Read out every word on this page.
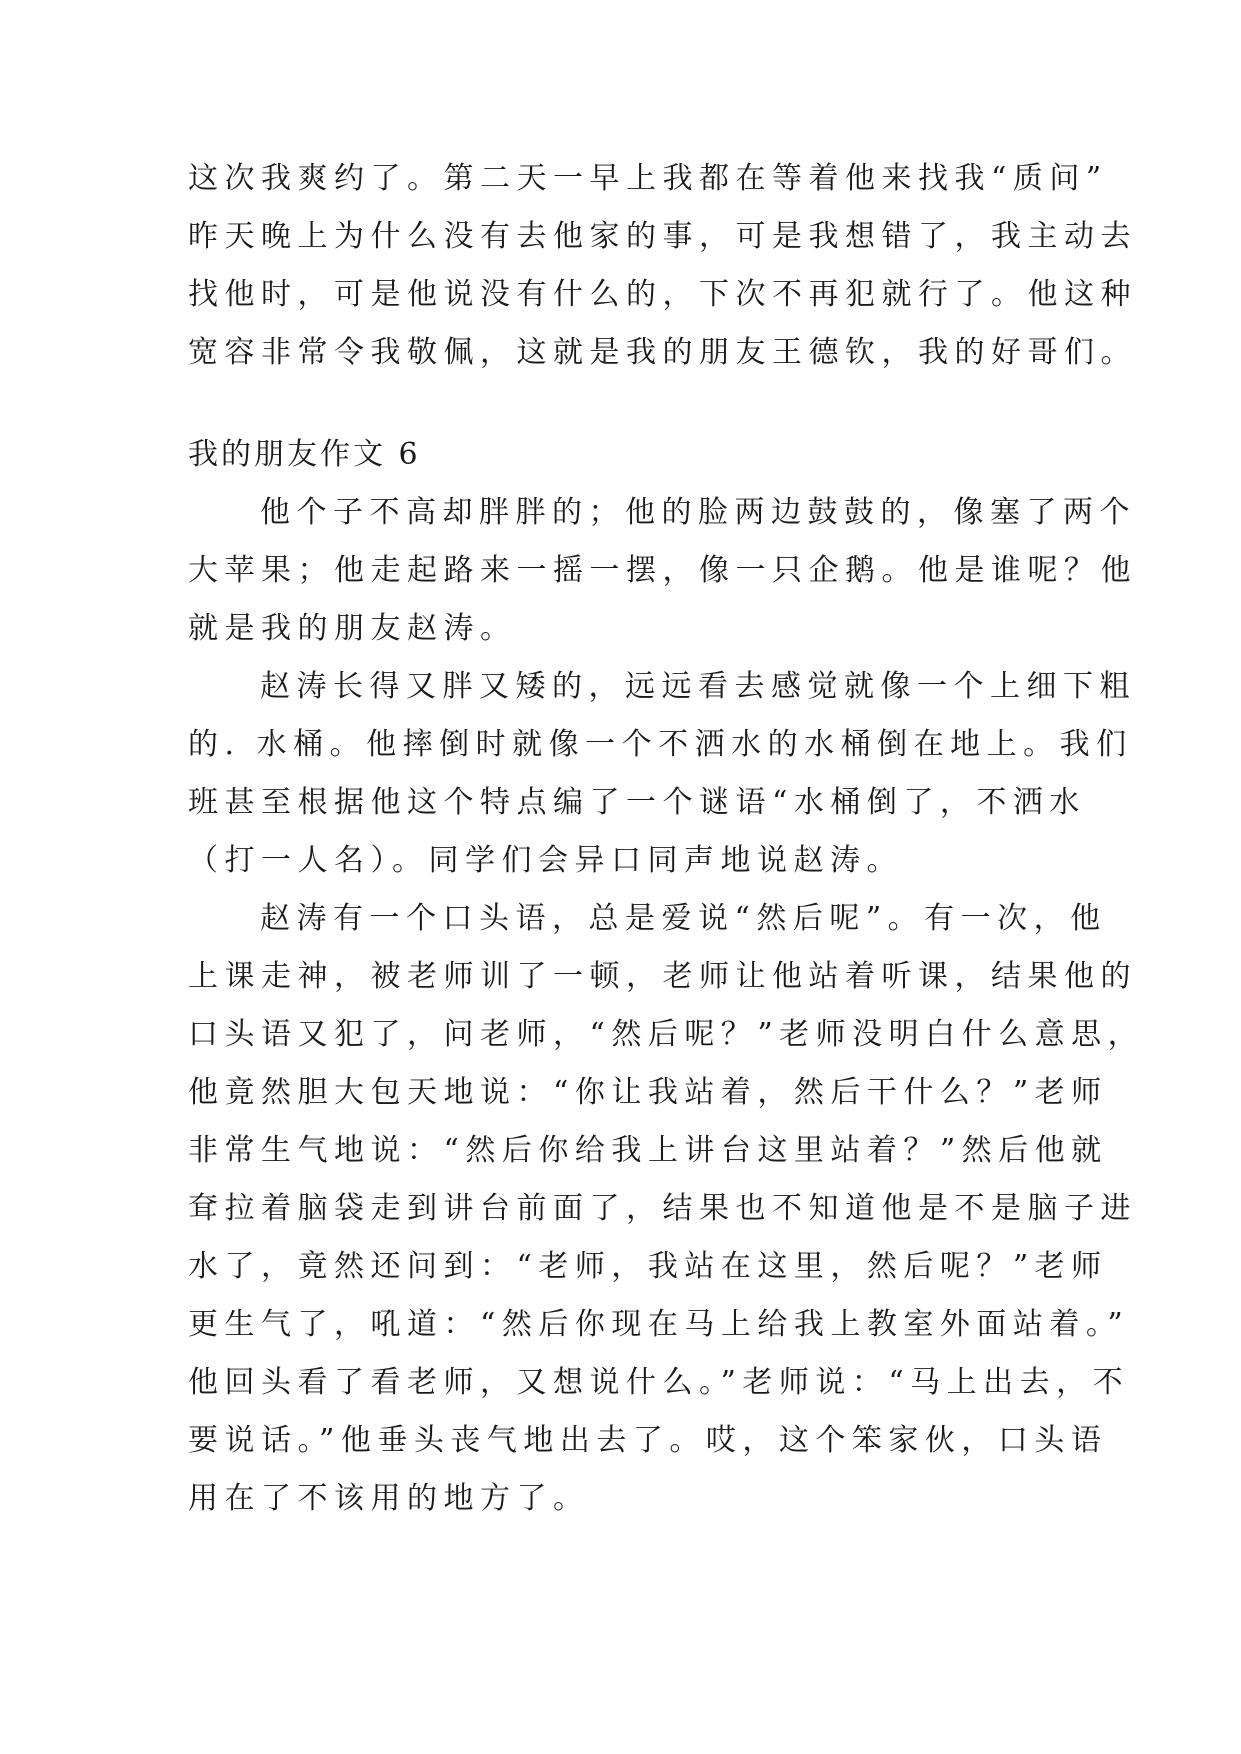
这次我爽约了。第二天一早上我都在等着他来找我“质问”
昨天晚上为什么没有去他家的事，可是我想错了，我主动去
找他时，可是他说没有什么的，下次不再犯就行了。他这种
宽容非常令我敬佩，这就是我的朋友王德钦，我的好哥们。
我的朋友作文 6
他个子不高却胖胖的；他的脸两边鼓鼓的，像塞了两个
大苹果；他走起路来一摇一摆，像一只企鹅。他是谁呢？他
就是我的朋友赵涛。
赵涛长得又胖又矮的，远远看去感觉就像一个上细下粗
的. 水桶。他摔倒时就像一个不洒水的水桶倒在地上。我们
班甚至根据他这个特点编了一个谜语“水桶倒了，不洒水
（打一人名）。同学们会异口同声地说赵涛。
赵涛有一个口头语，总是爱说“然后呢”。有一次，他
上课走神，被老师训了一顿，老师让他站着听课，结果他的
口头语又犯了，问老师，“然后呢？”老师没明白什么意思，
他竟然胆大包天地说：“你让我站着，然后干什么？”老师
非常生气地说：“然后你给我上讲台这里站着？”然后他就
耷拉着脑袋走到讲台前面了，结果也不知道他是不是脑子进
水了，竟然还问到：“老师，我站在这里，然后呢？”老师
更生气了，吼道：“然后你现在马上给我上教室外面站着。”
他回头看了看老师，又想说什么。”老师说：“马上出去，不
要说话。”他垂头丧气地出去了。哎，这个笨家伙，口头语
用在了不该用的地方了。
